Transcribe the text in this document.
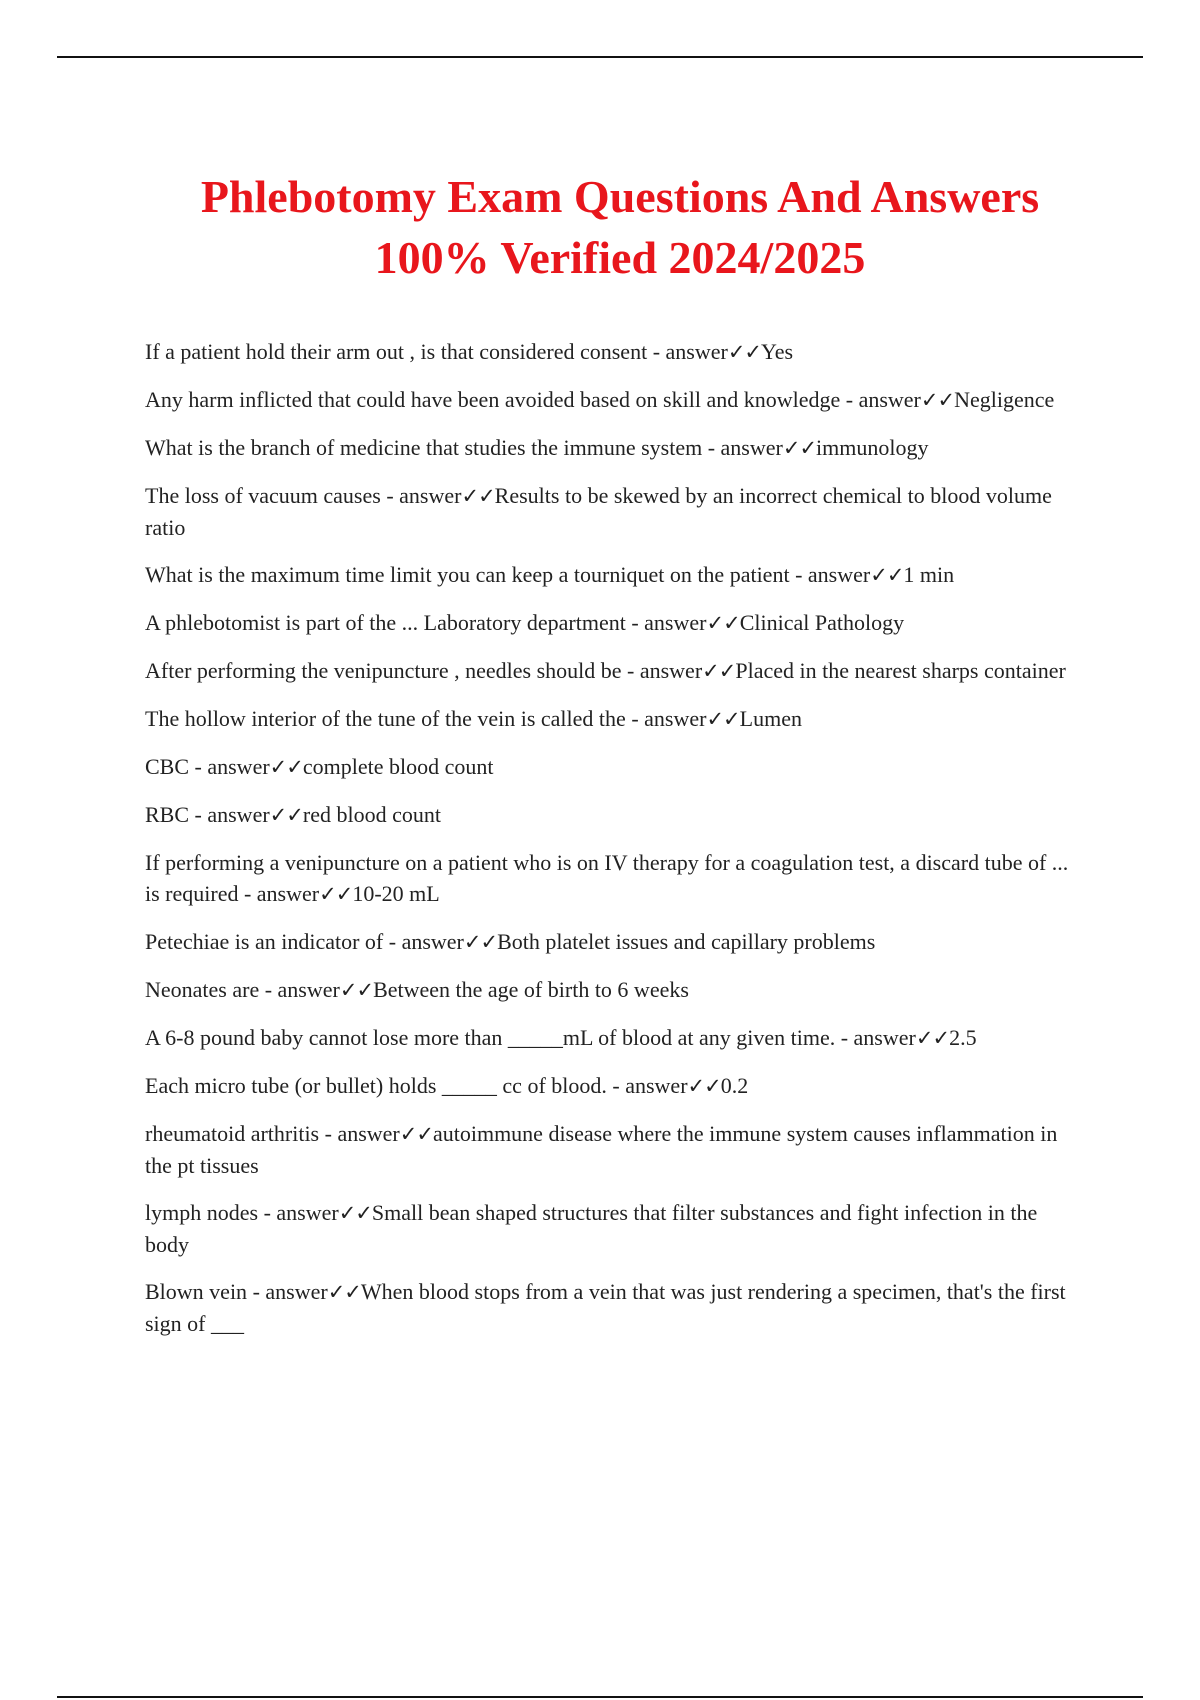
Phlebotomy Exam Questions And Answers
100% Verified 2024/2025
If a patient hold their arm out , is that considered consent - answer✓✓Yes
Any harm inflicted that could have been avoided based on skill and knowledge - answer✓✓Negligence
What is the branch of medicine that studies the immune system - answer✓✓immunology
The loss of vacuum causes - answer✓✓Results to be skewed by an incorrect chemical to blood volume ratio
What is the maximum time limit you can keep a tourniquet on the patient - answer✓✓1 min
A phlebotomist is part of the ... Laboratory department - answer✓✓Clinical Pathology
After performing the venipuncture , needles should be - answer✓✓Placed in the nearest sharps container
The hollow interior of the tune of the vein is called the - answer✓✓Lumen
CBC - answer✓✓complete blood count
RBC - answer✓✓red blood count
If performing a venipuncture on a patient who is on IV therapy for a coagulation test, a discard tube of ... is required - answer✓✓10-20 mL
Petechiae is an indicator of - answer✓✓Both platelet issues and capillary problems
Neonates are - answer✓✓Between the age of birth to 6 weeks
A 6-8 pound baby cannot lose more than _____mL of blood at any given time. - answer✓✓2.5
Each micro tube (or bullet) holds _____ cc of blood. - answer✓✓0.2
rheumatoid arthritis - answer✓✓autoimmune disease where the immune system causes inflammation in the pt tissues
lymph nodes - answer✓✓Small bean shaped structures that filter substances and fight infection in the body
Blown vein - answer✓✓When blood stops from a vein that was just rendering a specimen, that's the first sign of ___
